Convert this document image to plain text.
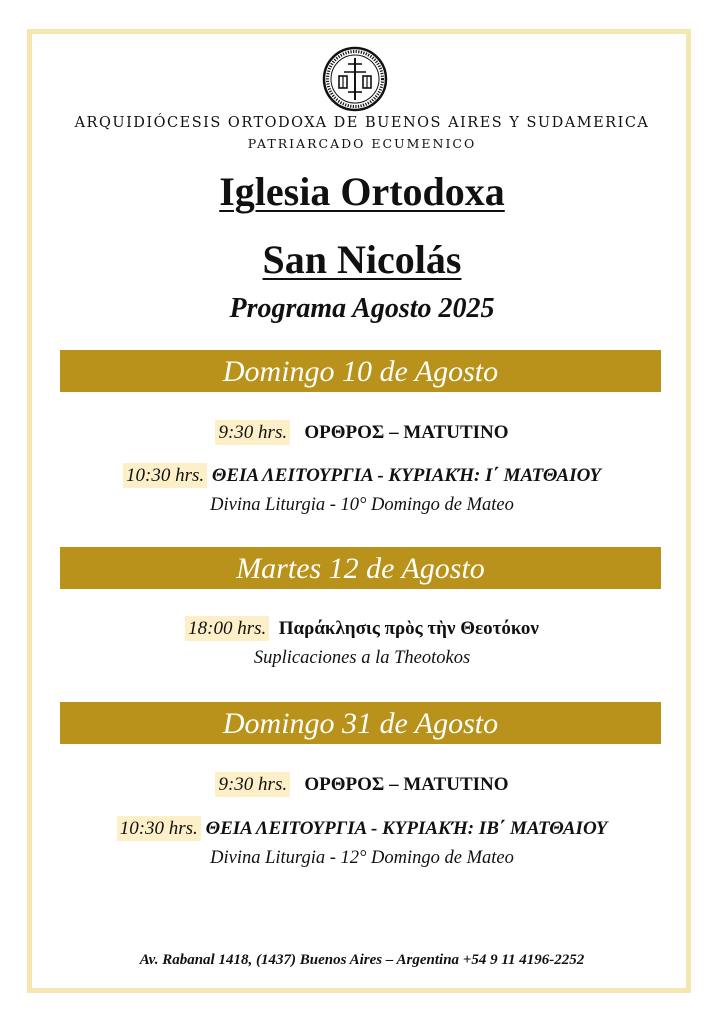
ARQUIDIÓCESIS ORTODOXA DE BUENOS AIRES Y SUDAMERICA
PATRIARCADO ECUMENICO
Iglesia Ortodoxa
San Nicolás
Programa Agosto 2025
Domingo 10 de Agosto
9:30 hrs. ΟΡΘΡΟΣ – MATUTINO
10:30 hrs. ΘΕΙΑ ΛΕΙΤΟΥΡΓΙΑ - ΚΥΡΙΑΚΉ: Ι΄ ΜΑΤΘΑΙΟΥ
Divina Liturgia - 10° Domingo de Mateo
Martes 12 de Agosto
18:00 hrs. Παράκλησις πρὸς τὴν Θεοτόκον
Suplicaciones a la Theotokos
Domingo 31 de Agosto
9:30 hrs. ΟΡΘΡΟΣ – MATUTINO
10:30 hrs. ΘΕΙΑ ΛΕΙΤΟΥΡΓΙΑ - ΚΥΡΙΑΚΉ: ΙΒ΄ ΜΑΤΘΑΙΟΥ
Divina Liturgia - 12° Domingo de Mateo
Av. Rabanal 1418, (1437) Buenos Aires – Argentina +54 9 11 4196-2252
